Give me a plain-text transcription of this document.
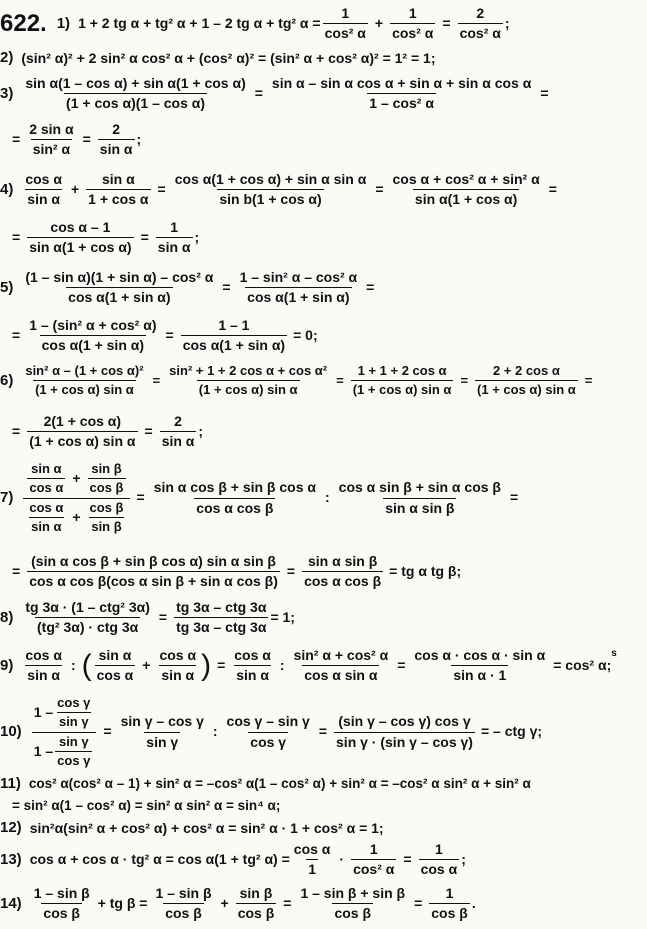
622. 1) 1 + 2 tg α + tg² α + 1 – 2 tg α + tg² $\alpha = \frac{1}{\text{cos² α}} + \frac{1}{\text{cos² α}} = \frac{2}{\text{cos² α}}$ ;
2) (sin² α)² + 2 sin² α cos² α + (cos² α)² = (sin² α + cos² α)² = 1² = 1;
$3) \frac{\text{sin α(1 – cos α) + sin α(1 + cos α)}}{\text{(1 + cos α)(1 – cos α)}} = \frac{\text{sin α – sin α cos α + sin α + sin α cos α}}{\text{1 – cos² α}}$ =
= $\frac{\text{2 sin α}}{\text{sin² α}} = \frac{2}{\text{sin α}}$ ;
4)
cos α
sin α
+ $\frac{\text{sin α}}{\text{1 + cos α}} = \frac{\text{cos α(1 + cos α) + sin α sin α}}{\text{sin b(1 + cos α)}} = \frac{\text{cos α + cos² α + sin² α}}{\text{sin α(1 + cos α)}}$ =
= $\frac{\text{cos α – 1}}{\text{sin α(1 + cos α)}} = \frac{1}{\text{sin α}}$ ;
$5) \frac{\text{(1 – sin α)(1 + sin α) – cos² α}}{\text{cos α(1 + sin α)}} = \frac{\text{1 – sin² α – cos² α}}{\text{cos α(1 + sin α)}}$ =
= $\frac{\text{1 – (sin² α + cos² α)}}{\text{cos α(1 + sin α)}} = \frac{1 - 1}{\text{cos α(1 + sin α)}} = 0$;
$6) \frac{\text{sin² α – (1 + cos α)²}}{\text{(1 + cos α) sin α}} = \frac{\text{sin² + 1 + 2 cos α + cos α²}}{\text{(1 + cos α) sin α}} = \frac{\text{1 + 1 + 2 cos α}}{\text{(1 + cos α) sin α}} = \frac{\text{2 + 2 cos α}}{\text{(1 + cos α) sin α}}$ =
= $\frac{\text{2(1 + cos α)}}{\text{(1 + cos α) sin α}} = \frac{2}{\text{sin α}}$ ;
7) sin α
cos α
+ $\frac{\text{sin β}}{\text{cos β}}$
cos α
sin α
+ $\frac{\text{cos β}}{\text{sin β}} = \frac{\text{sin α cos β + sin β cos α}}{\text{cos α cos β}}$ : $\frac{\text{cos α sin β + sin α cos β}}{\text{sin α sin β}}$ =
= $\frac{\text{(sin α cos β + sin β cos α) sin α sin β}}{\text{cos α cos β(cos α sin β + sin α cos β)}} = \frac{\text{sin α sin β}}{\text{cos α cos β}}$ = tg α tg β;
8)
tg 3α · (1 – ctg² 3α)
(tg² 3α) · ctg 3α
=
tg 3α – ctg 3α
tg 3α – ctg 3α
= 1;
9)
cos α
sin α
: ( sin α
cos α
+ $\frac{\text{cos α}}{\text{sin α}}$ ) = $\frac{\text{cos α}}{\text{sin α}}$ : $\frac{\text{sin² α + cos² α}}{\text{cos α sin α}} = \frac{\text{cos α · cos α · sin α}}{\text{sin α · 1}} = \cos^2$ α;
s
10) 1 –
cos γ
sin γ
1 –
sin γ
$\cos \gamma = \frac{\text{sin γ – cos γ}}{\text{sin γ}}$ : $\frac{\text{cos γ – sin γ}}{\text{cos γ}} = \frac{\text{(sin γ – cos γ) cos γ}}{\text{sin γ · (sin γ – cos γ)}}$ = – ctg γ;
11) cos² α(cos² α – 1) + sin² α = –cos² α(1 – cos² α) + sin² α = –cos² α sin² α + sin² α
= sin² α(1 – cos² α) = sin² α sin² α = sin⁴ α;
12) sin²α(sin² α + cos² α) + cos² α = sin² α · 1 + cos² α = 1;
13) cos α + cos α · tg² α = cos α(1 + tg² $\alpha) = \frac{\text{cos α}}{1} \cdot \frac{1}{\text{cos² α}} = \frac{1}{\text{cos α}}$ ;
14)
1 – sin β
cos β
+ tg $\beta = \frac{\text{1 – sin β}}{\text{cos β}} + \frac{\text{sin β}}{\text{cos β}} = \frac{\text{1 – sin β + sin β}}{\text{cos β}} = \frac{1}{\text{cos β}}$ .
